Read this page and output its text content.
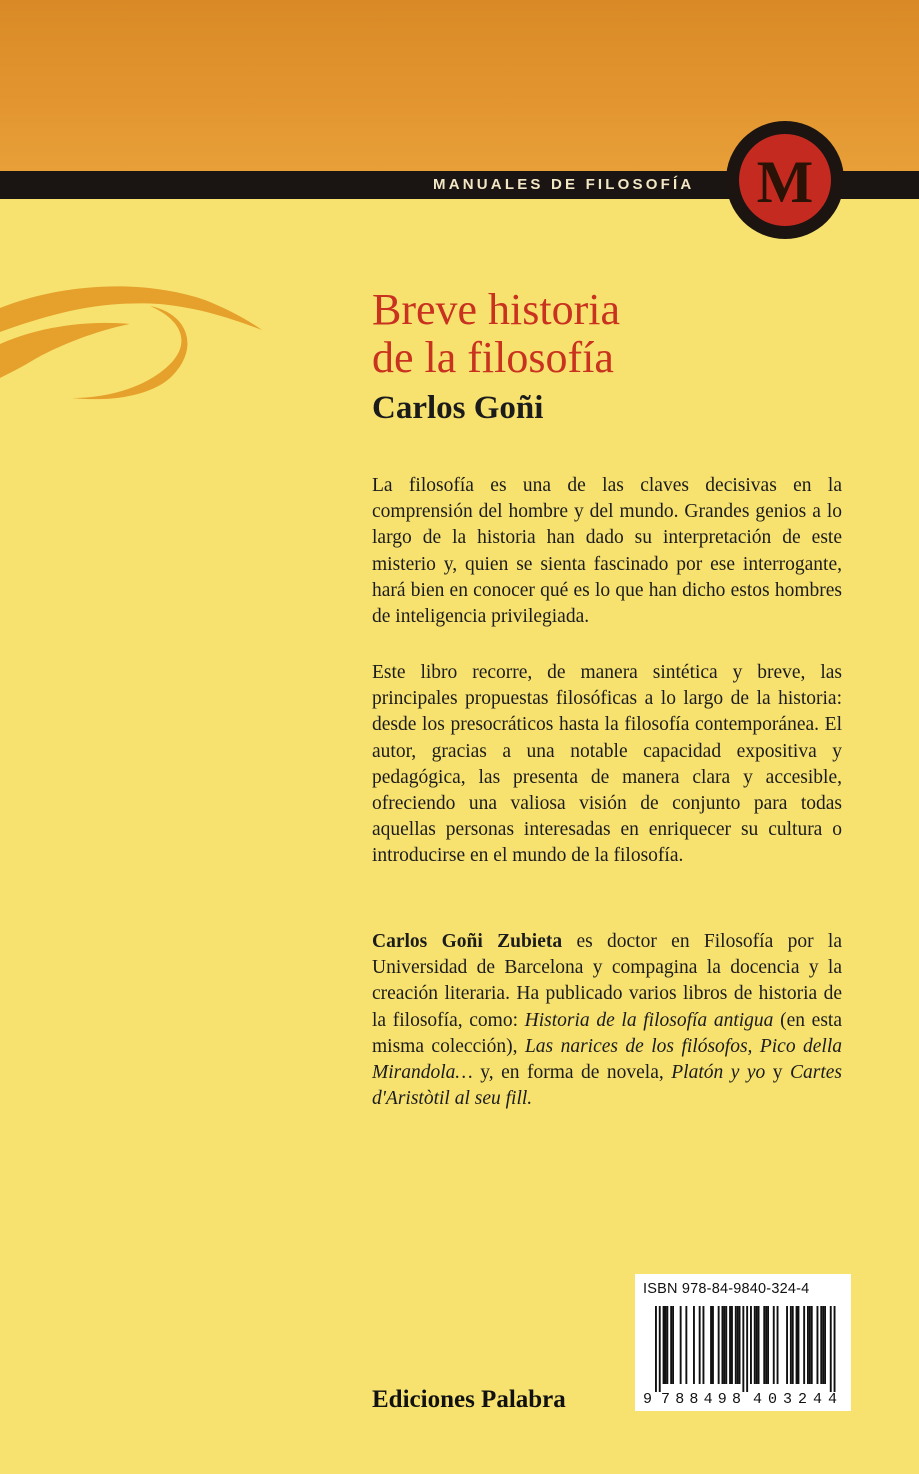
MANUALES DE FILOSOFÍA M
Breve historia
de la filosofía
Carlos Goñi

La filosofía es una de las claves decisivas en la comprensión del hombre y del mundo. Grandes genios a lo largo de la historia han dado su interpretación de este misterio y, quien se sienta fascinado por ese interrogante, hará bien en conocer qué es lo que han dicho estos hombres de inteligencia privilegiada.

Este libro recorre, de manera sintética y breve, las principales propuestas filosóficas a lo largo de la historia: desde los presocráticos hasta la filosofía contemporánea. El autor, gracias a una notable capacidad expositiva y pedagógica, las presenta de manera clara y accesible, ofreciendo una valiosa visión de conjunto para todas aquellas personas interesadas en enriquecer su cultura o introducirse en el mundo de la filosofía.

Carlos Goñi Zubieta es doctor en Filosofía por la Universidad de Barcelona y compagina la docencia y la creación literaria. Ha publicado varios libros de historia de la filosofía, como: Historia de la filosofía antigua (en esta misma colección), Las narices de los filósofos, Pico della Mirandola… y, en forma de novela, Platón y yo y Cartes d'Aristòtil al seu fill.

Ediciones Palabra
ISBN 978-84-9840-324-4
9 788498 403244
